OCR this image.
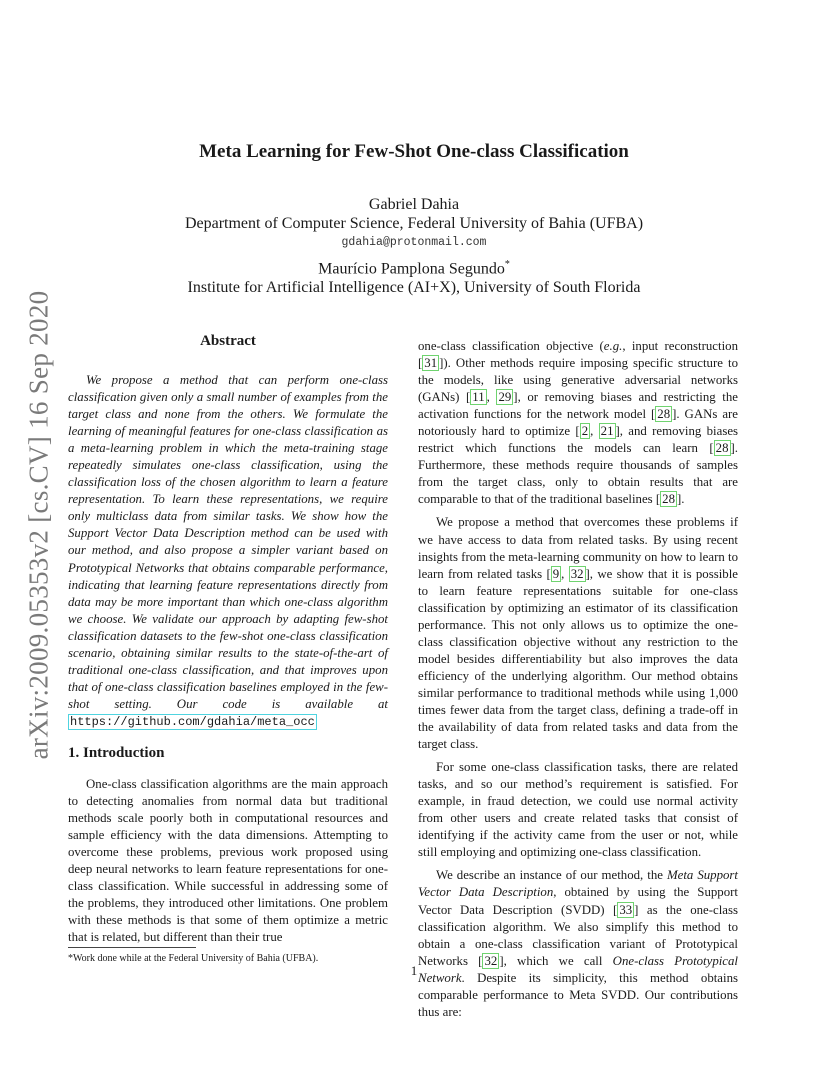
arXiv:2009.05353v2 [cs.CV] 16 Sep 2020
Meta Learning for Few-Shot One-class Classification
Gabriel Dahia
Department of Computer Science, Federal University of Bahia (UFBA)
gdahia@protonmail.com
Maurício Pamplona Segundo*
Institute for Artificial Intelligence (AI+X), University of South Florida
Abstract

We propose a method that can perform one-class classification given only a small number of examples from the target class and none from the others. We formulate the learning of meaningful features for one-class classification as a meta-learning problem in which the meta-training stage repeatedly simulates one-class classification, using the classification loss of the chosen algorithm to learn a feature representation. To learn these representations, we require only multiclass data from similar tasks. We show how the Support Vector Data Description method can be used with our method, and also propose a simpler variant based on Prototypical Networks that obtains comparable performance, indicating that learning feature representations directly from data may be more important than which one-class algorithm we choose. We validate our approach by adapting few-shot classification datasets to the few-shot one-class classification scenario, obtaining similar results to the state-of-the-art of traditional one-class classification, and that improves upon that of one-class classification baselines employed in the few-shot setting. Our code is available at https://github.com/gdahia/meta_occ

1. Introduction

One-class classification algorithms are the main approach to detecting anomalies from normal data but traditional methods scale poorly both in computational resources and sample efficiency with the data dimensions. Attempting to overcome these problems, previous work proposed using deep neural networks to learn feature representations for one-class classification. While successful in addressing some of the problems, they introduced other limitations. One problem with these methods is that some of them optimize a metric that is related, but different than their true

*Work done while at the Federal University of Bahia (UFBA).

one-class classification objective (e.g., input reconstruction [ 31 ]). Other methods require imposing specific structure to the models, like using generative adversarial networks (GANs) [ 11 , 29 ], or removing biases and restricting the activation functions for the network model [ 28 ]. GANs are notoriously hard to optimize [ 2 , 21 ], and removing biases restrict which functions the models can learn [ 28 ]. Furthermore, these methods require thousands of samples from the target class, only to obtain results that are comparable to that of the traditional baselines [ 28 ].

We propose a method that overcomes these problems if we have access to data from related tasks. By using recent insights from the meta-learning community on how to learn to learn from related tasks [ 9 , 32 ], we show that it is possible to learn feature representations suitable for one-class classification by optimizing an estimator of its classification performance. This not only allows us to optimize the one-class classification objective without any restriction to the model besides differentiability but also improves the data efficiency of the underlying algorithm. Our method obtains similar performance to traditional methods while using 1,000 times fewer data from the target class, defining a trade-off in the availability of data from related tasks and data from the target class.

For some one-class classification tasks, there are related tasks, and so our method’s requirement is satisfied. For example, in fraud detection, we could use normal activity from other users and create related tasks that consist of identifying if the activity came from the user or not, while still employing and optimizing one-class classification.

We describe an instance of our method, the Meta Support Vector Data Description, obtained by using the Support Vector Data Description (SVDD) [ 33 ] as the one-class classification algorithm. We also simplify this method to obtain a one-class classification variant of Prototypical Networks [ 32 ], which we call One-class Prototypical Network. Despite its simplicity, this method obtains comparable performance to Meta SVDD. Our contributions thus are:

1
